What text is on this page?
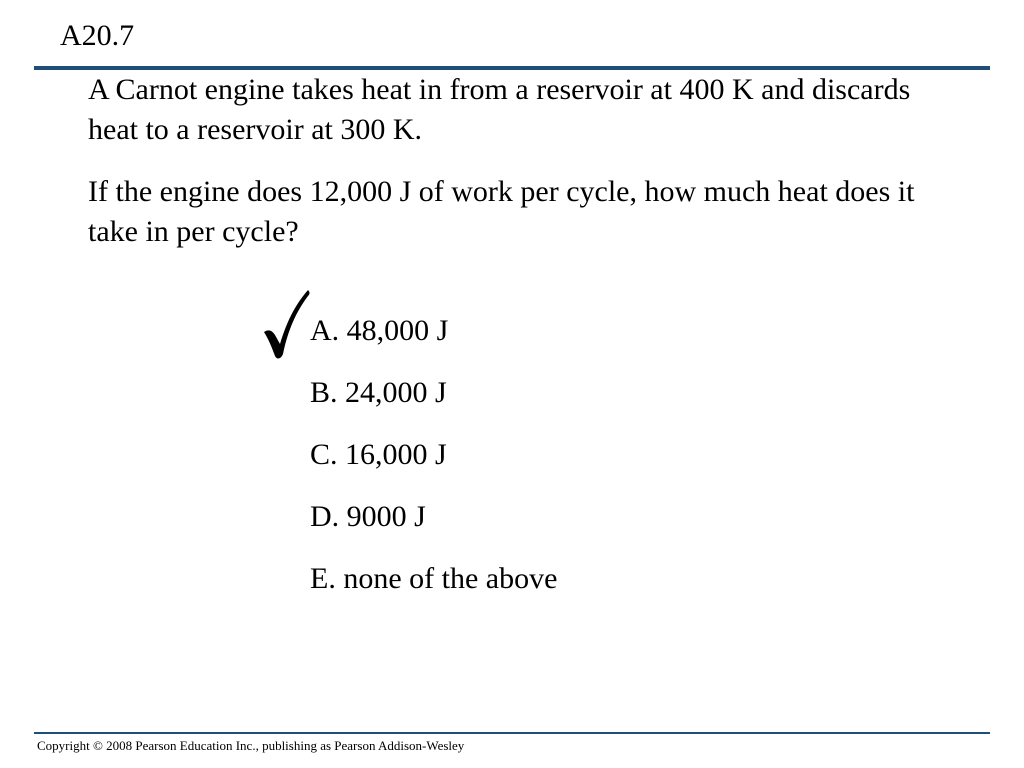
A20.7

A Carnot engine takes heat in from a reservoir at 400 K and discards heat to a reservoir at 300 K.

If the engine does 12,000 J of work per cycle, how much heat does it take in per cycle?

A. 48,000 J
B. 24,000 J
C. 16,000 J
D. 9000 J
E. none of the above
Copyright © 2008 Pearson Education Inc., publishing as Pearson Addison-Wesley
